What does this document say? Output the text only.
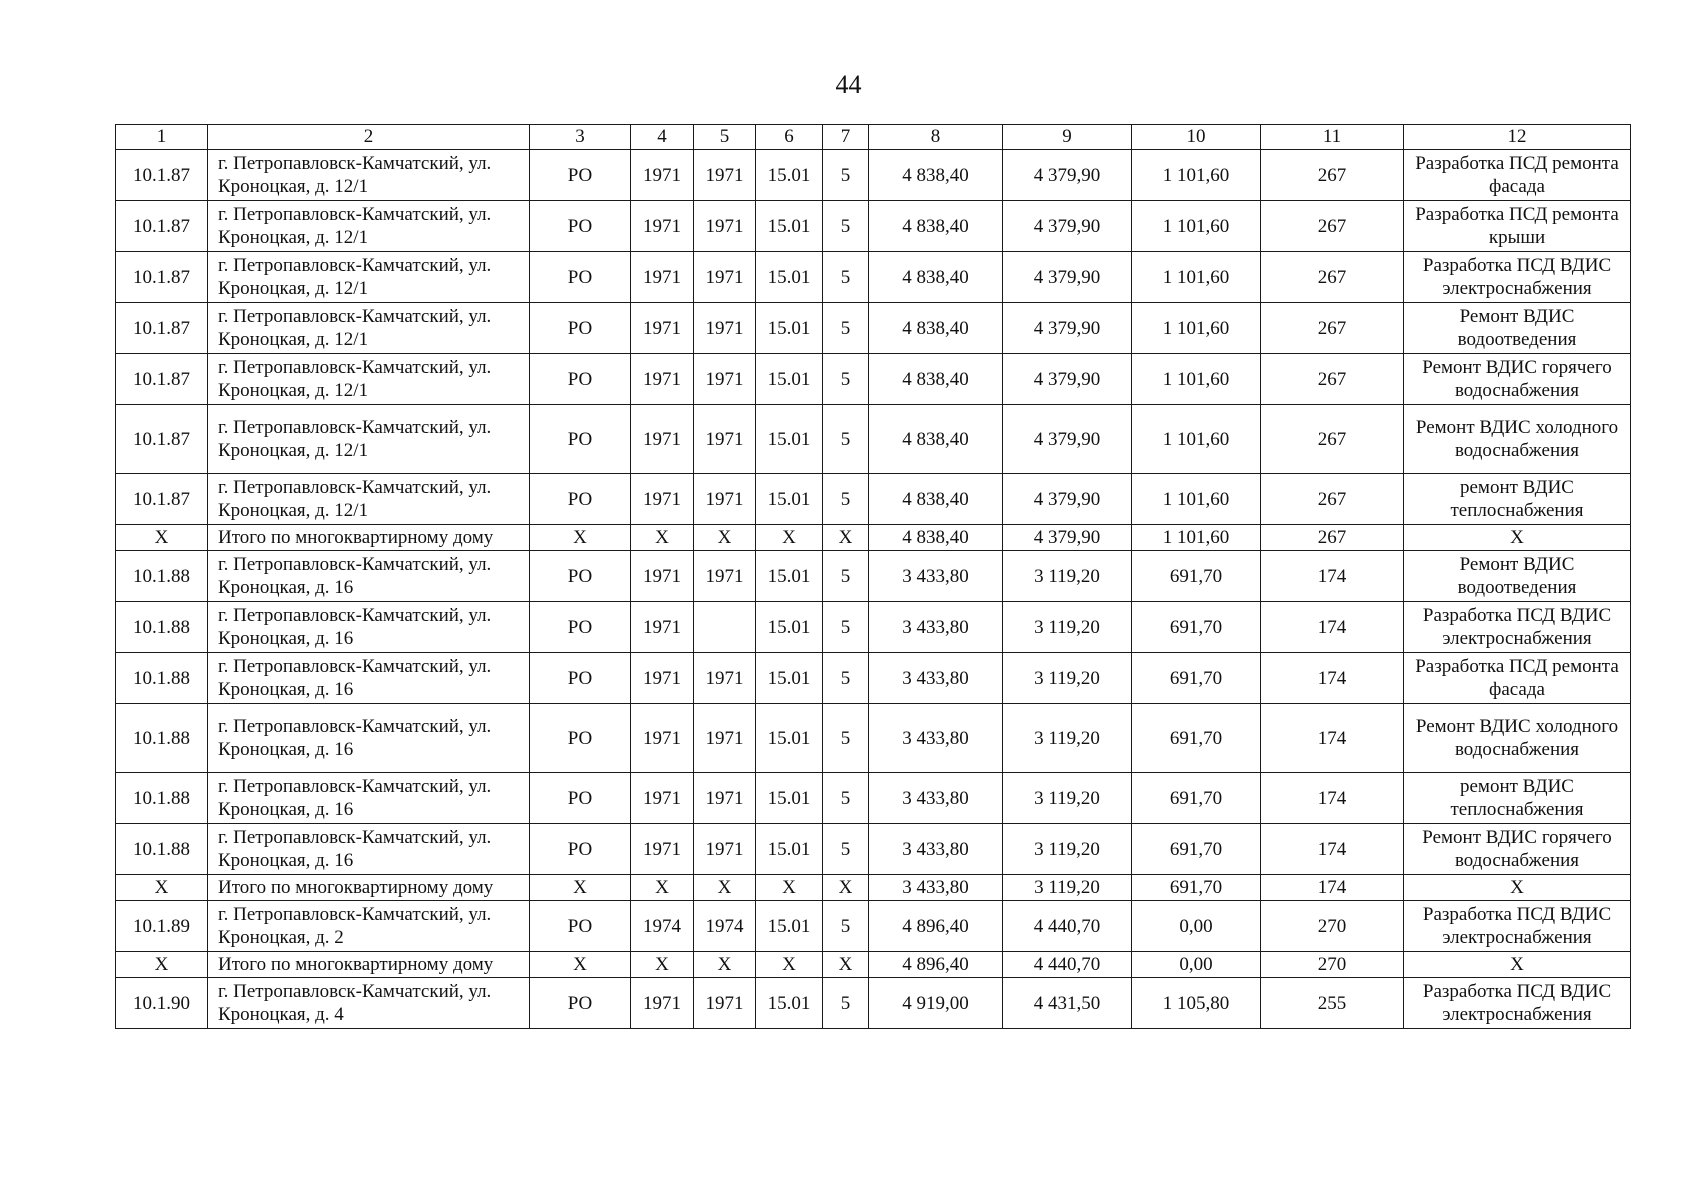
44
1	2	3	4	5	6	7	8	9	10	11	12
10.1.87	г. Петропавловск-Камчатский, ул. Кроноцкая, д. 12/1	РО	1971	1971	15.01	5	4 838,40	4 379,90	1 101,60	267	Разработка ПСД ремонта фасада
10.1.87	г. Петропавловск-Камчатский, ул. Кроноцкая, д. 12/1	РО	1971	1971	15.01	5	4 838,40	4 379,90	1 101,60	267	Разработка ПСД ремонта крыши
10.1.87	г. Петропавловск-Камчатский, ул. Кроноцкая, д. 12/1	РО	1971	1971	15.01	5	4 838,40	4 379,90	1 101,60	267	Разработка ПСД ВДИС электроснабжения
10.1.87	г. Петропавловск-Камчатский, ул. Кроноцкая, д. 12/1	РО	1971	1971	15.01	5	4 838,40	4 379,90	1 101,60	267	Ремонт ВДИС водоотведения
10.1.87	г. Петропавловск-Камчатский, ул. Кроноцкая, д. 12/1	РО	1971	1971	15.01	5	4 838,40	4 379,90	1 101,60	267	Ремонт ВДИС горячего водоснабжения
10.1.87	г. Петропавловск-Камчатский, ул. Кроноцкая, д. 12/1	РО	1971	1971	15.01	5	4 838,40	4 379,90	1 101,60	267	Ремонт ВДИС холодного водоснабжения
10.1.87	г. Петропавловск-Камчатский, ул. Кроноцкая, д. 12/1	РО	1971	1971	15.01	5	4 838,40	4 379,90	1 101,60	267	ремонт ВДИС теплоснабжения
Х	Итого по многоквартирному дому	Х	Х	Х	Х	Х	4 838,40	4 379,90	1 101,60	267	Х
10.1.88	г. Петропавловск-Камчатский, ул. Кроноцкая, д. 16	РО	1971	1971	15.01	5	3 433,80	3 119,20	691,70	174	Ремонт ВДИС водоотведения
10.1.88	г. Петропавловск-Камчатский, ул. Кроноцкая, д. 16	РО	1971		15.01	5	3 433,80	3 119,20	691,70	174	Разработка ПСД ВДИС электроснабжения
10.1.88	г. Петропавловск-Камчатский, ул. Кроноцкая, д. 16	РО	1971	1971	15.01	5	3 433,80	3 119,20	691,70	174	Разработка ПСД ремонта фасада
10.1.88	г. Петропавловск-Камчатский, ул. Кроноцкая, д. 16	РО	1971	1971	15.01	5	3 433,80	3 119,20	691,70	174	Ремонт ВДИС холодного водоснабжения
10.1.88	г. Петропавловск-Камчатский, ул. Кроноцкая, д. 16	РО	1971	1971	15.01	5	3 433,80	3 119,20	691,70	174	ремонт ВДИС теплоснабжения
10.1.88	г. Петропавловск-Камчатский, ул. Кроноцкая, д. 16	РО	1971	1971	15.01	5	3 433,80	3 119,20	691,70	174	Ремонт ВДИС горячего водоснабжения
Х	Итого по многоквартирному дому	Х	Х	Х	Х	Х	3 433,80	3 119,20	691,70	174	Х
10.1.89	г. Петропавловск-Камчатский, ул. Кроноцкая, д. 2	РО	1974	1974	15.01	5	4 896,40	4 440,70	0,00	270	Разработка ПСД ВДИС электроснабжения
Х	Итого по многоквартирному дому	Х	Х	Х	Х	Х	4 896,40	4 440,70	0,00	270	Х
10.1.90	г. Петропавловск-Камчатский, ул. Кроноцкая, д. 4	РО	1971	1971	15.01	5	4 919,00	4 431,50	1 105,80	255	Разработка ПСД ВДИС электроснабжения
